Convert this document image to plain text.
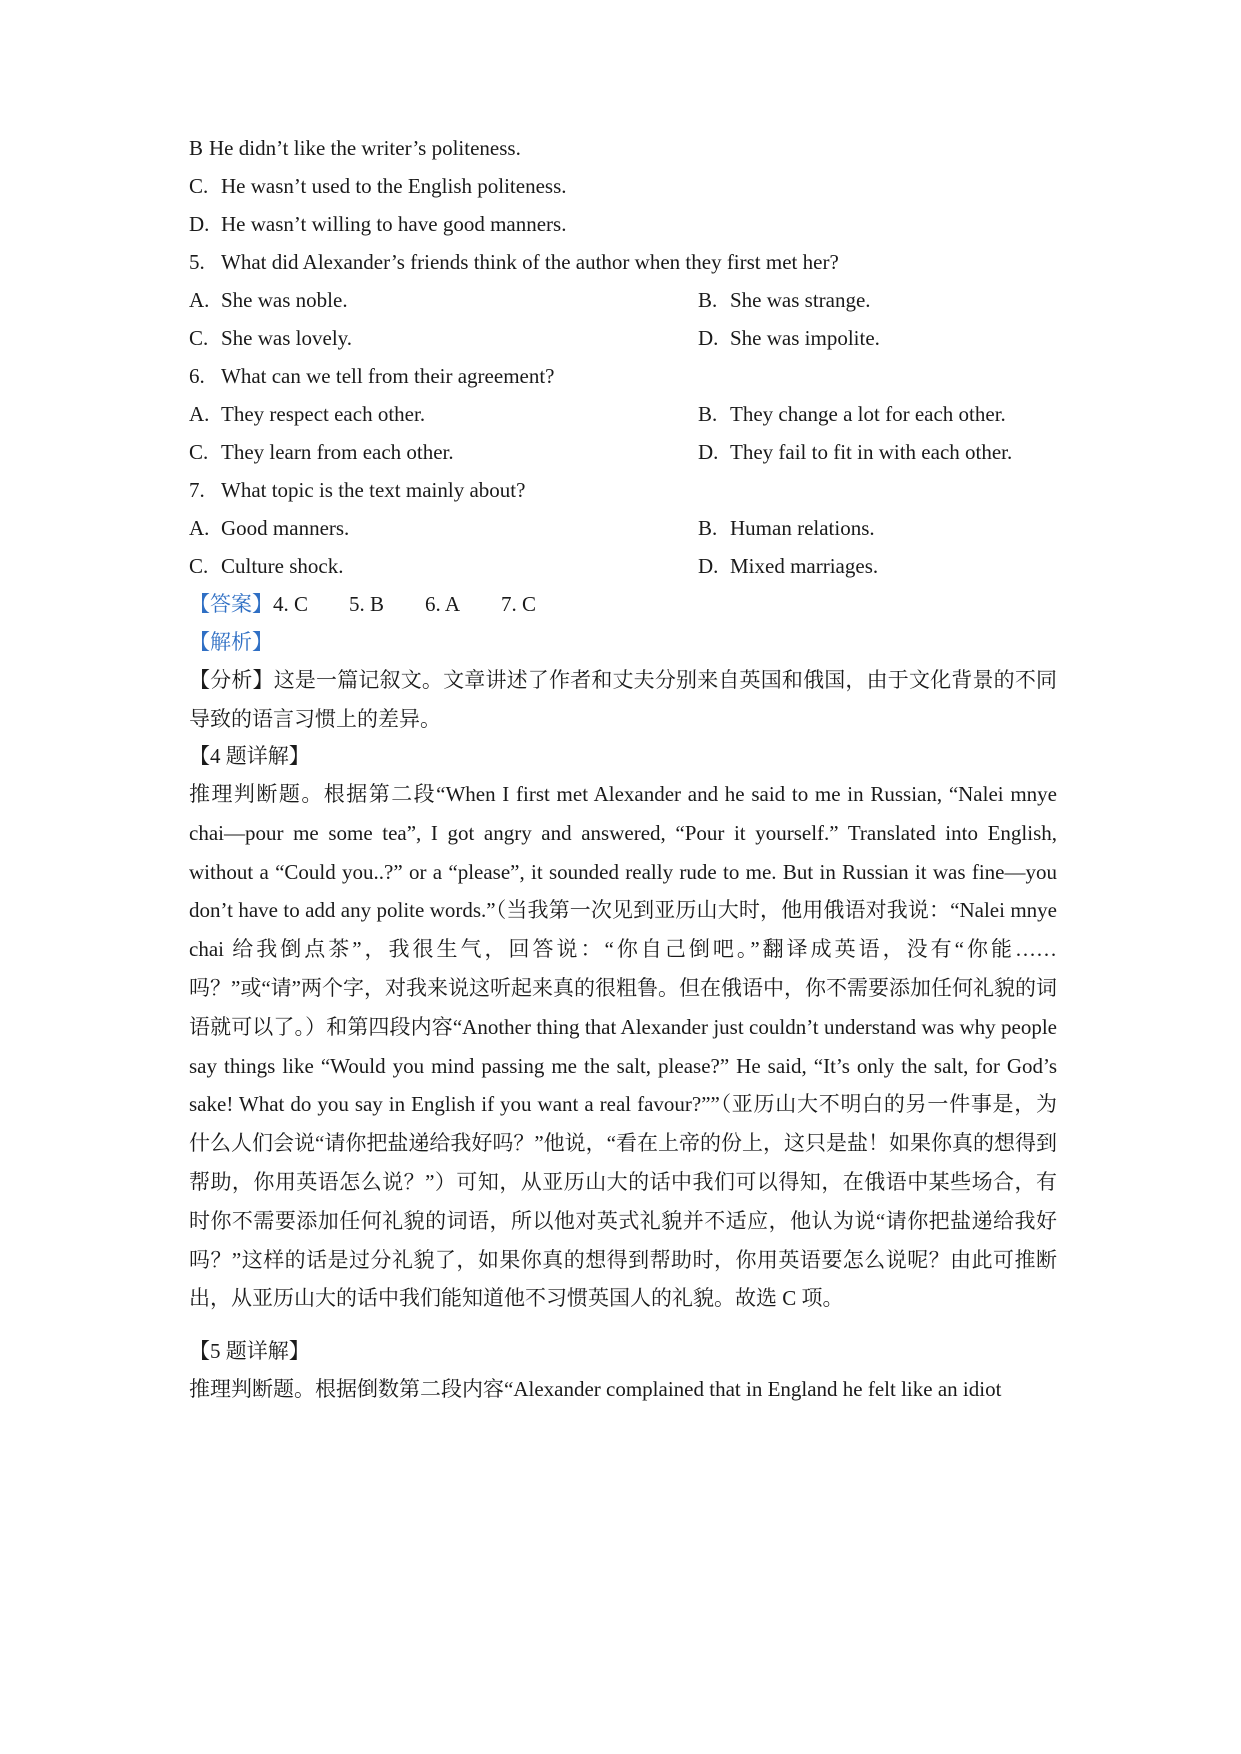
B He didn’t like the writer’s politeness.
C. He wasn’t used to the English politeness.
D. He wasn’t willing to have good manners.
5. What did Alexander’s friends think of the author when they first met her?
A. She was noble.	B. She was strange.
C. She was lovely.	D. She was impolite.
6. What can we tell from their agreement?
A. They respect each other.	B. They change a lot for each other.
C. They learn from each other.	D. They fail to fit in with each other.
7. What topic is the text mainly about?
A. Good manners.	B. Human relations.
C. Culture shock.	D. Mixed marriages.
【答案】4. C 5. B 6. A 7. C
【解析】
【分析】这是一篇记叙文。文章讲述了作者和丈夫分别来自英国和俄国，由于文化背景的不同导致的语言习惯上的差异。
【4 题详解】
推理判断题。根据第二段“When I first met Alexander and he said to me in Russian, “Nalei mnye chai—pour me some tea”, I got angry and answered, “Pour it yourself.” Translated into English, without a “Could you..?” or a “please”, it sounded really rude to me. But in Russian it was fine—you don’t have to add any polite words.”（当我第一次见到亚历山大时，他用俄语对我说：“Nalei mnye chai 给我倒点茶”，我很生气，回答说：“你自己倒吧。”翻译成英语，没有“你能……吗？”或“请”两个字，对我来说这听起来真的很粗鲁。但在俄语中，你不需要添加任何礼貌的词语就可以了。）和第四段内容“Another thing that Alexander just couldn’t understand was why people say things like “Would you mind passing me the salt, please?” He said, “It’s only the salt, for God’s sake! What do you say in English if you want a real favour?””（亚历山大不明白的另一件事是，为什么人们会说“请你把盐递给我好吗？”他说，“看在上帝的份上，这只是盐！如果你真的想得到帮助，你用英语怎么说？”）可知，从亚历山大的话中我们可以得知，在俄语中某些场合，有时你不需要添加任何礼貌的词语，所以他对英式礼貌并不适应，他认为说“请你把盐递给我好吗？”这样的话是过分礼貌了，如果你真的想得到帮助时，你用英语要怎么说呢？由此可推断出，从亚历山大的话中我们能知道他不习惯英国人的礼貌。故选 C 项。
【5 题详解】
推理判断题。根据倒数第二段内容“Alexander complained that in England he felt like an idiot
